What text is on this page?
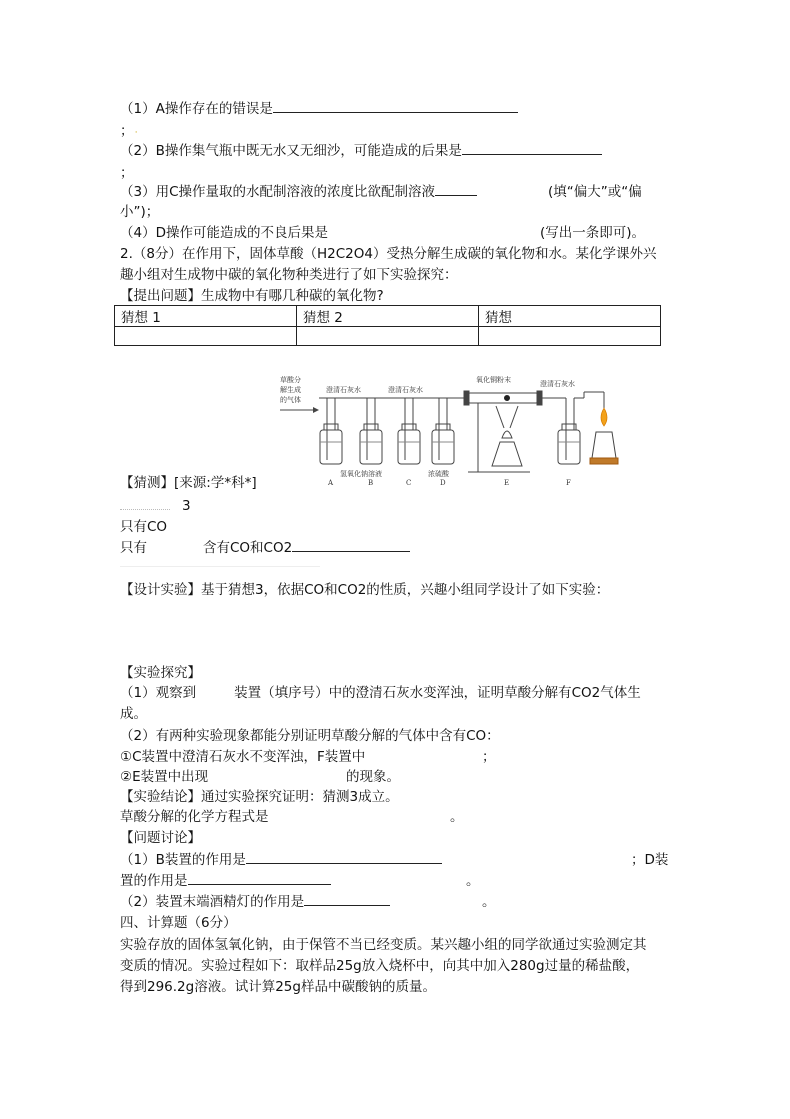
（1）A操作存在的错误是
； ·
（2）B操作集气瓶中既无水又无细沙，可能造成的后果是
；
（3）用C操作量取的水配制溶液的浓度比欲配制溶液	(填“偏大”或“偏
小”)；
（4）D操作可能造成的不良后果是	(写出一条即可)。
2.（8分）在作用下，固体草酸（H2C2O4）受热分解生成碳的氧化物和水。某化学课外兴
趣小组对生成物中碳的氧化物种类进行了如下实验探究：
【提出问题】生成物中有哪几种碳的氧化物?
猜想 1	猜想 2	猜想

草酸分
解生成
的气体
澄清石灰水	澄清石灰水
氧化铜粉末	澄清石灰水
氢氧化钠溶液	浓硫酸
A	B	C	D	E	F
【猜测】[来源:学*科*]
3
只有CO
只有	含有CO和CO2
【设计实验】基于猜想3，依据CO和CO2的性质，兴趣小组同学设计了如下实验：
【实验探究】
（1）观察到	装置（填序号）中的澄清石灰水变浑浊，证明草酸分解有CO2气体生
成。
（2）有两种实验现象都能分别证明草酸分解的气体中含有CO：
①C装置中澄清石灰水不变浑浊，F装置中	；
②E装置中出现	的现象。
【实验结论】通过实验探究证明：猜测3成立。
草酸分解的化学方程式是	。
【问题讨论】
（1）B装置的作用是	；D装
置的作用是	。
（2）装置末端酒精灯的作用是	。
四、计算题（6分）
实验存放的固体氢氧化钠，由于保管不当已经变质。某兴趣小组的同学欲通过实验测定其
变质的情况。实验过程如下：取样品25g放入烧杯中，向其中加入280g过量的稀盐酸，
得到296.2g溶液。试计算25g样品中碳酸钠的质量。
